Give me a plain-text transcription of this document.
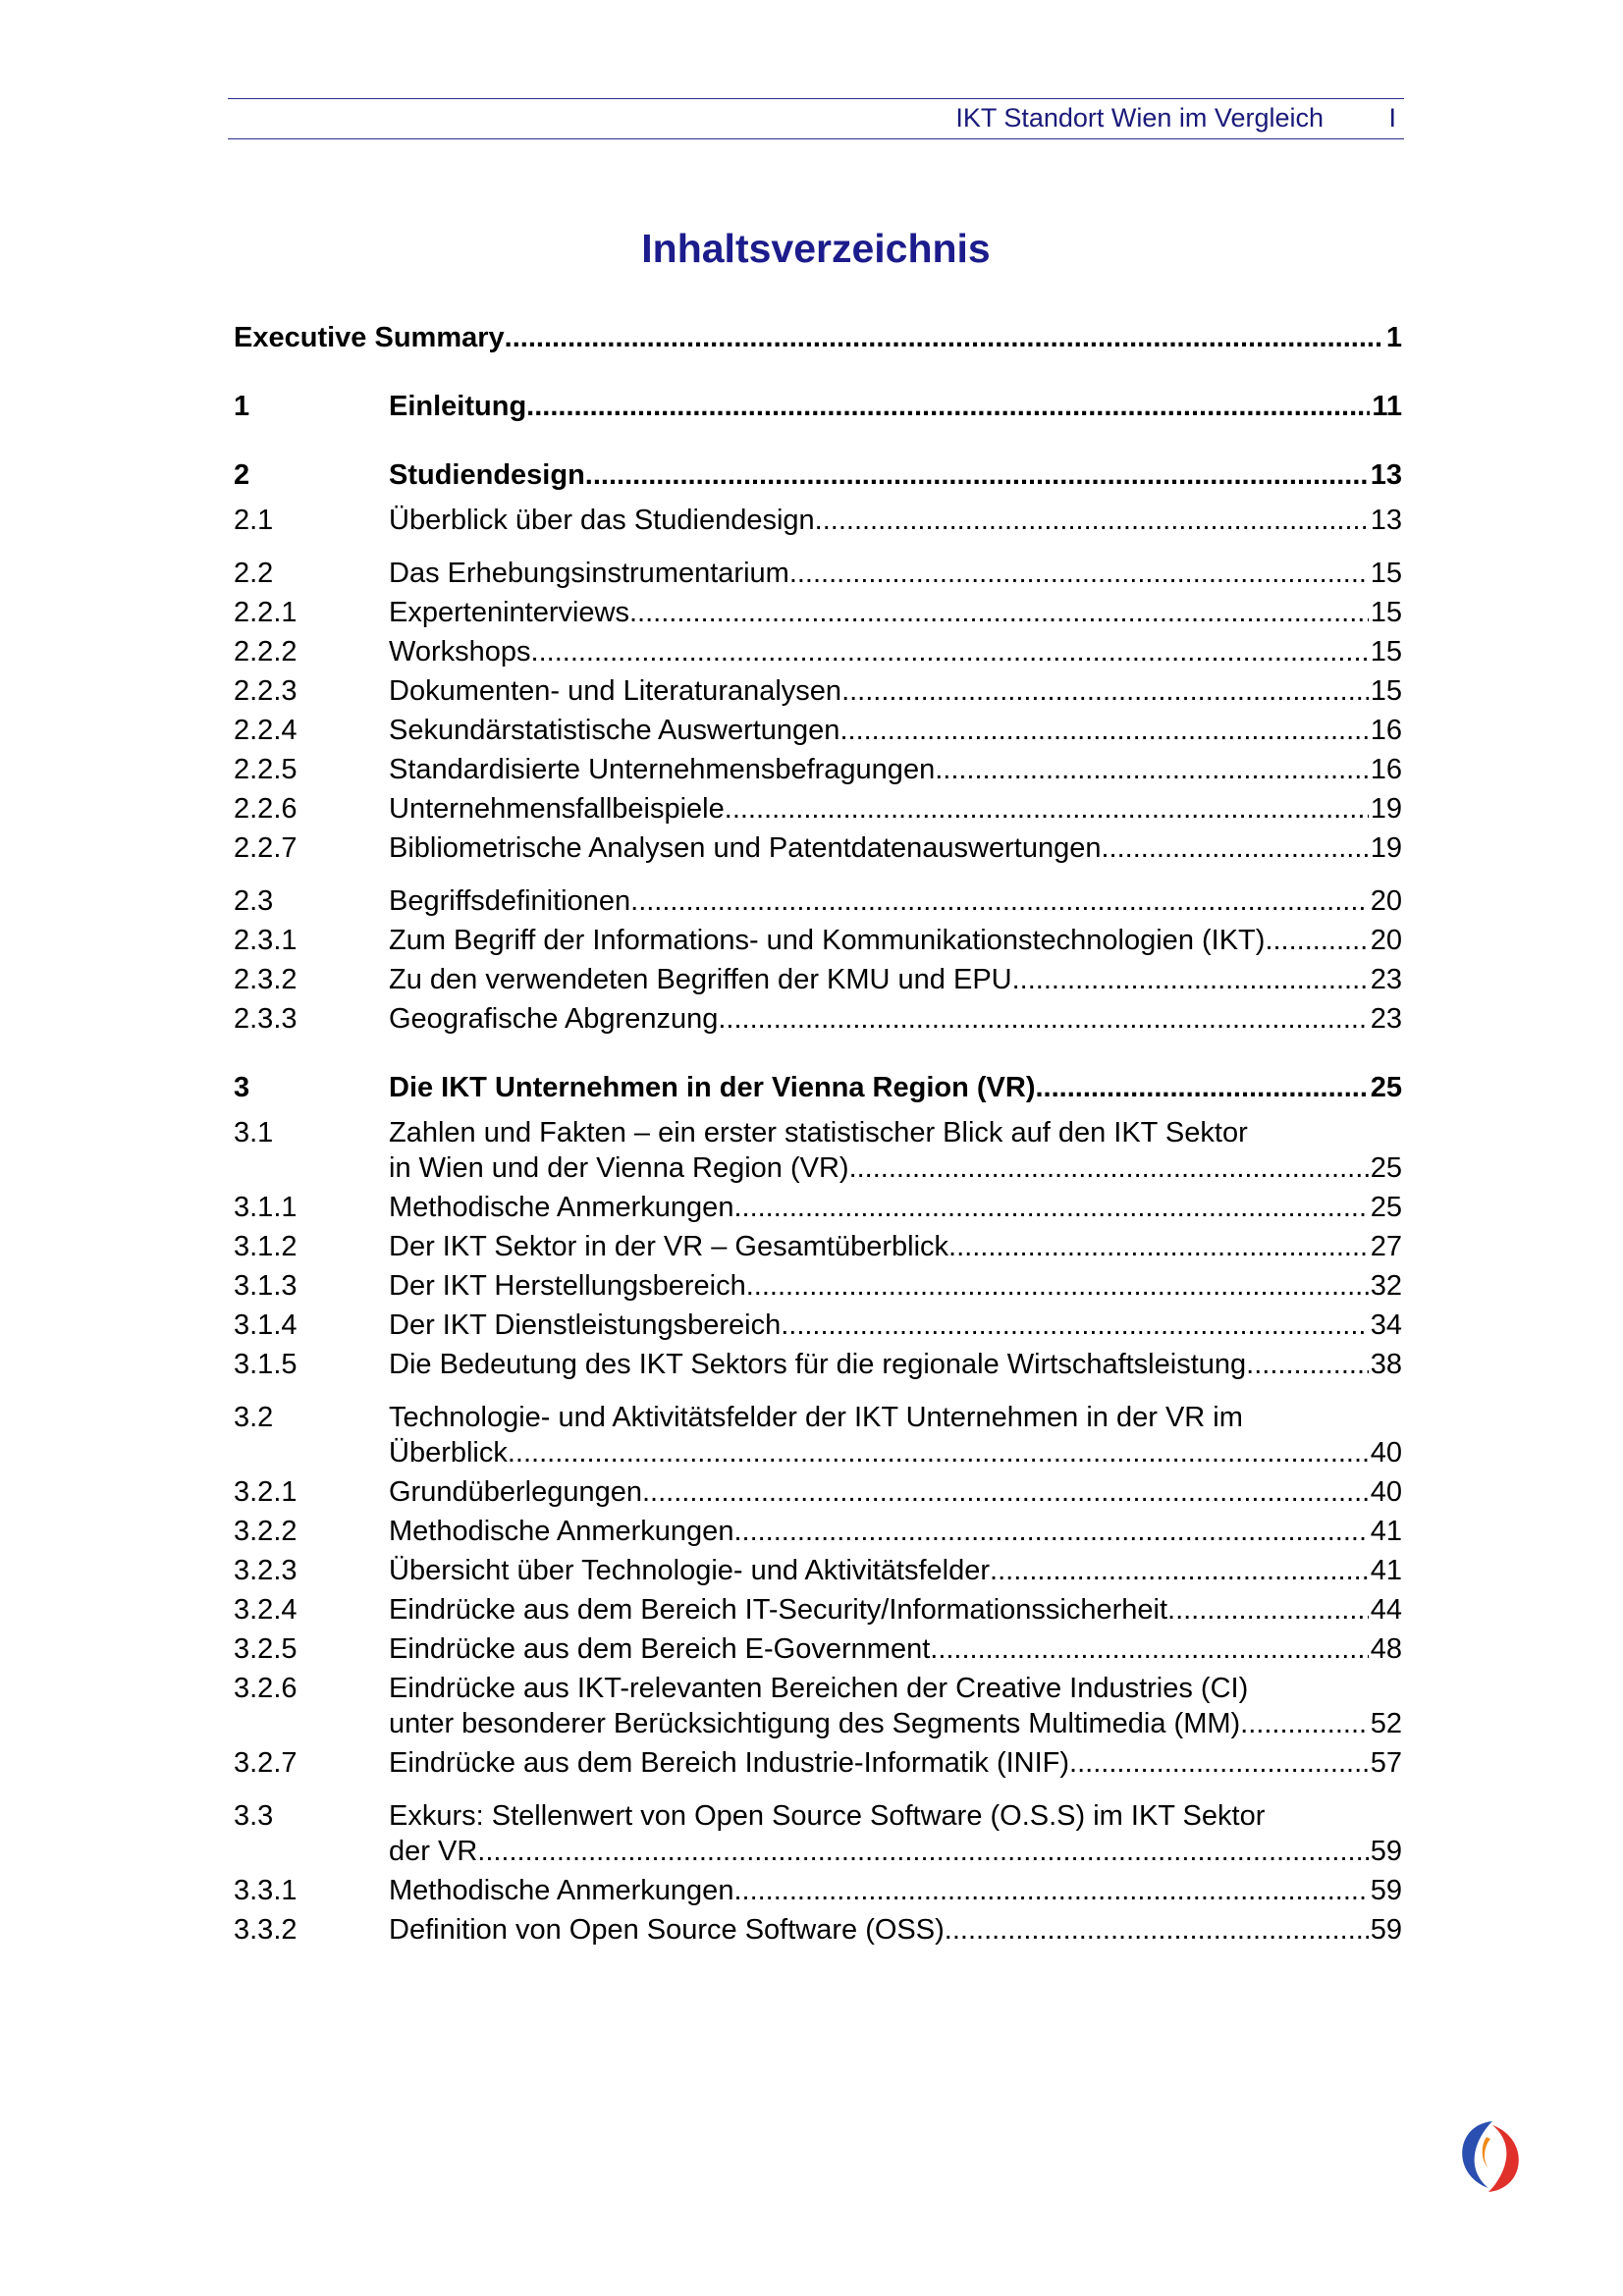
IKT Standort Wien im Vergleich I
Inhaltsverzeichnis
Executive Summary .....	1
1	Einleitung .....	11
2	Studiendesign .....	13
2.1	Überblick über das Studiendesign .....	13
2.2	Das Erhebungsinstrumentarium .....	15
2.2.1	Experteninterviews .....	15
2.2.2	Workshops .....	15
2.2.3	Dokumenten- und Literaturanalysen .....	15
2.2.4	Sekundärstatistische Auswertungen .....	16
2.2.5	Standardisierte Unternehmensbefragungen .....	16
2.2.6	Unternehmensfallbeispiele .....	19
2.2.7	Bibliometrische Analysen und Patentdatenauswertungen .....	19
2.3	Begriffsdefinitionen .....	20
2.3.1	Zum Begriff der Informations- und Kommunikationstechnologien (IKT) .....	20
2.3.2	Zu den verwendeten Begriffen der KMU und EPU .....	23
2.3.3	Geografische Abgrenzung .....	23
3	Die IKT Unternehmen in der Vienna Region (VR) .....	25
3.1	Zahlen und Fakten – ein erster statistischer Blick auf den IKT Sektor
in Wien und der Vienna Region (VR) .....	25
3.1.1	Methodische Anmerkungen .....	25
3.1.2	Der IKT Sektor in der VR – Gesamtüberblick .....	27
3.1.3	Der IKT Herstellungsbereich .....	32
3.1.4	Der IKT Dienstleistungsbereich .....	34
3.1.5	Die Bedeutung des IKT Sektors für die regionale Wirtschaftsleistung .....	38
3.2	Technologie- und Aktivitätsfelder der IKT Unternehmen in der VR im
Überblick .....	40
3.2.1	Grundüberlegungen .....	40
3.2.2	Methodische Anmerkungen .....	41
3.2.3	Übersicht über Technologie- und Aktivitätsfelder .....	41
3.2.4	Eindrücke aus dem Bereich IT-Security/Informationssicherheit .....	44
3.2.5	Eindrücke aus dem Bereich E-Government .....	48
3.2.6	Eindrücke aus IKT-relevanten Bereichen der Creative Industries (CI)
unter besonderer Berücksichtigung des Segments Multimedia (MM) .....	52
3.2.7	Eindrücke aus dem Bereich Industrie-Informatik (INIF) .....	57
3.3	Exkurs: Stellenwert von Open Source Software (O.S.S) im IKT Sektor
der VR .....	59
3.3.1	Methodische Anmerkungen .....	59
3.3.2	Definition von Open Source Software (OSS) .....	59
